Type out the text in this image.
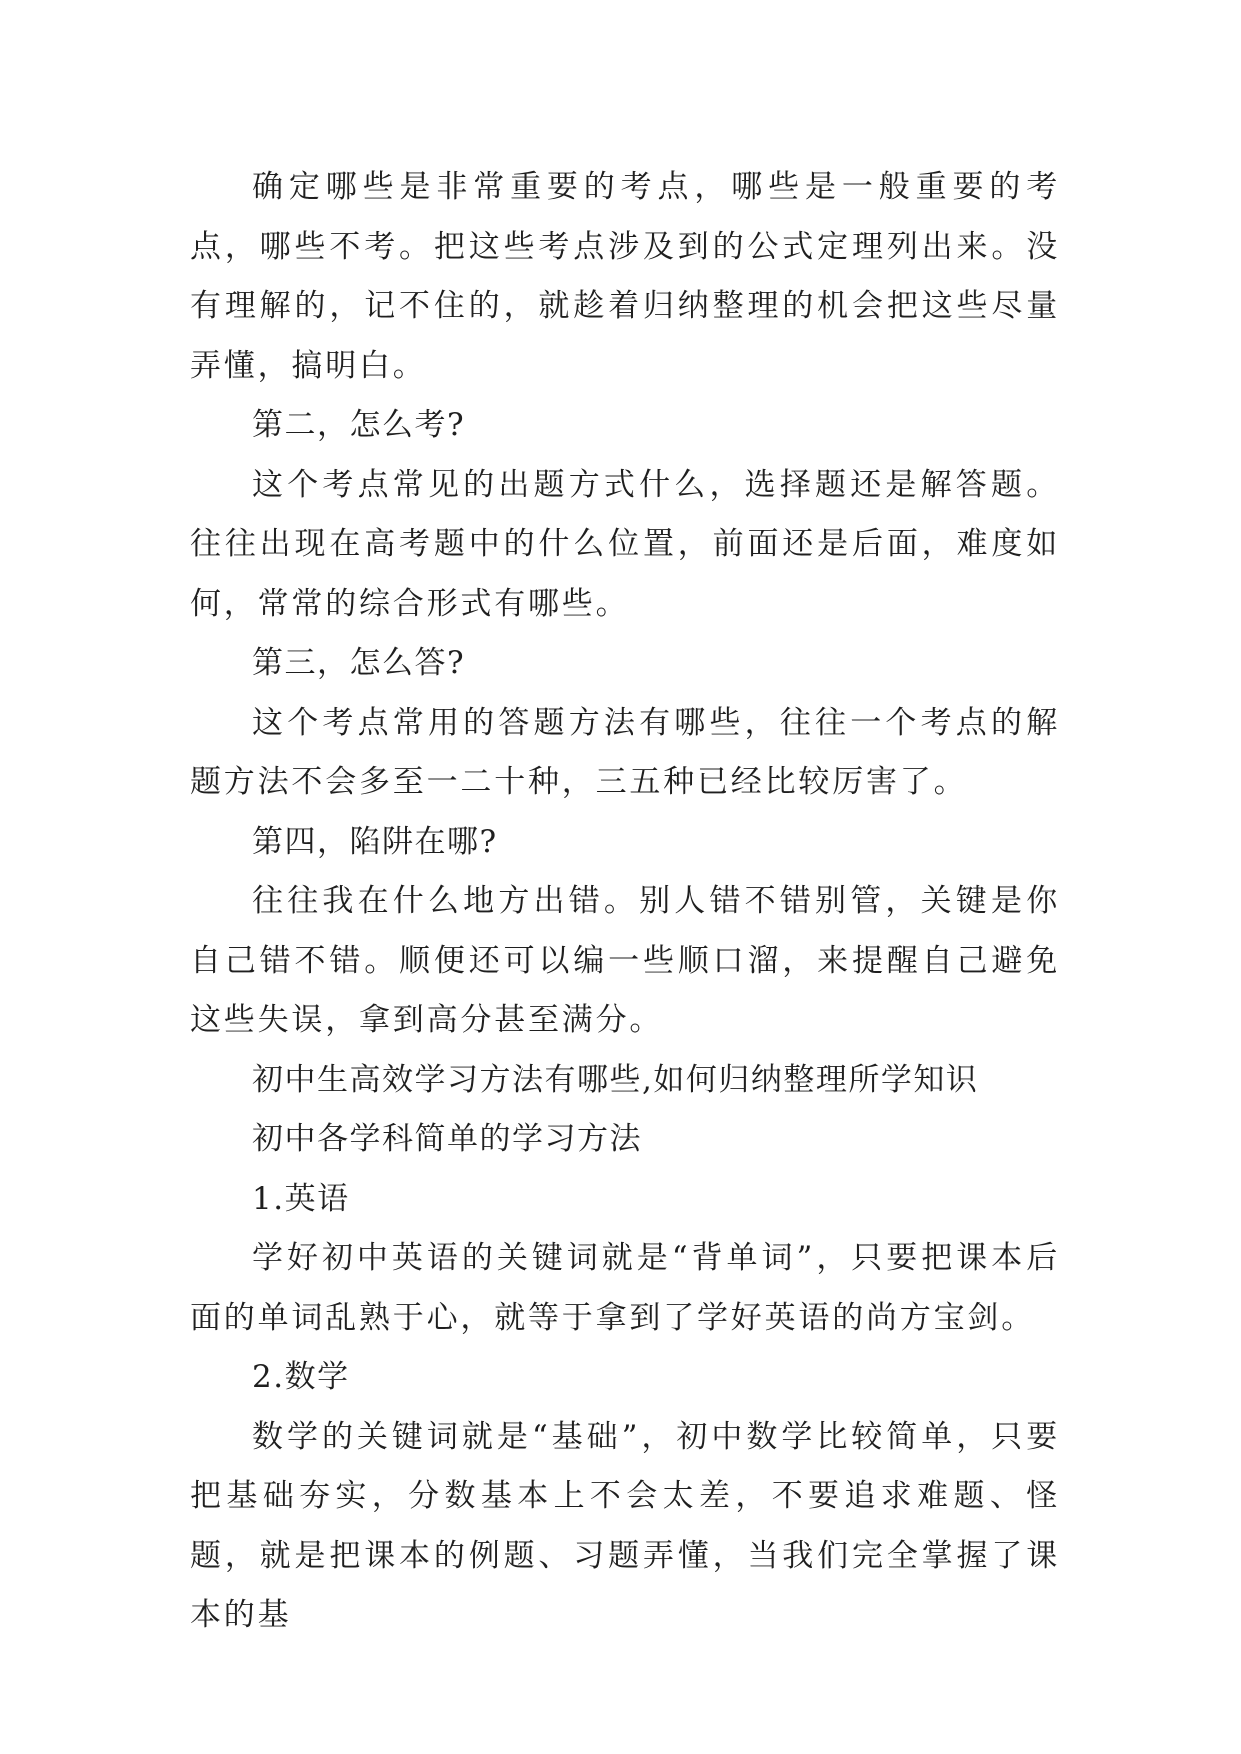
确定哪些是非常重要的考点，哪些是一般重要的考点，哪些不考。把这些考点涉及到的公式定理列出来。没有理解的，记不住的，就趁着归纳整理的机会把这些尽量弄懂，搞明白。

第二，怎么考?

这个考点常见的出题方式什么，选择题还是解答题。往往出现在高考题中的什么位置，前面还是后面，难度如何，常常的综合形式有哪些。

第三，怎么答?

这个考点常用的答题方法有哪些，往往一个考点的解题方法不会多至一二十种，三五种已经比较厉害了。

第四，陷阱在哪?

往往我在什么地方出错。别人错不错别管，关键是你自己错不错。顺便还可以编一些顺口溜，来提醒自己避免这些失误，拿到高分甚至满分。

初中生高效学习方法有哪些,如何归纳整理所学知识

初中各学科简单的学习方法

1.英语

学好初中英语的关键词就是“背单词”，只要把课本后面的单词乱熟于心，就等于拿到了学好英语的尚方宝剑。

2.数学

数学的关键词就是“基础”，初中数学比较简单，只要把基础夯实，分数基本上不会太差，不要追求难题、怪题，就是把课本的例题、习题弄懂，当我们完全掌握了课本的基
